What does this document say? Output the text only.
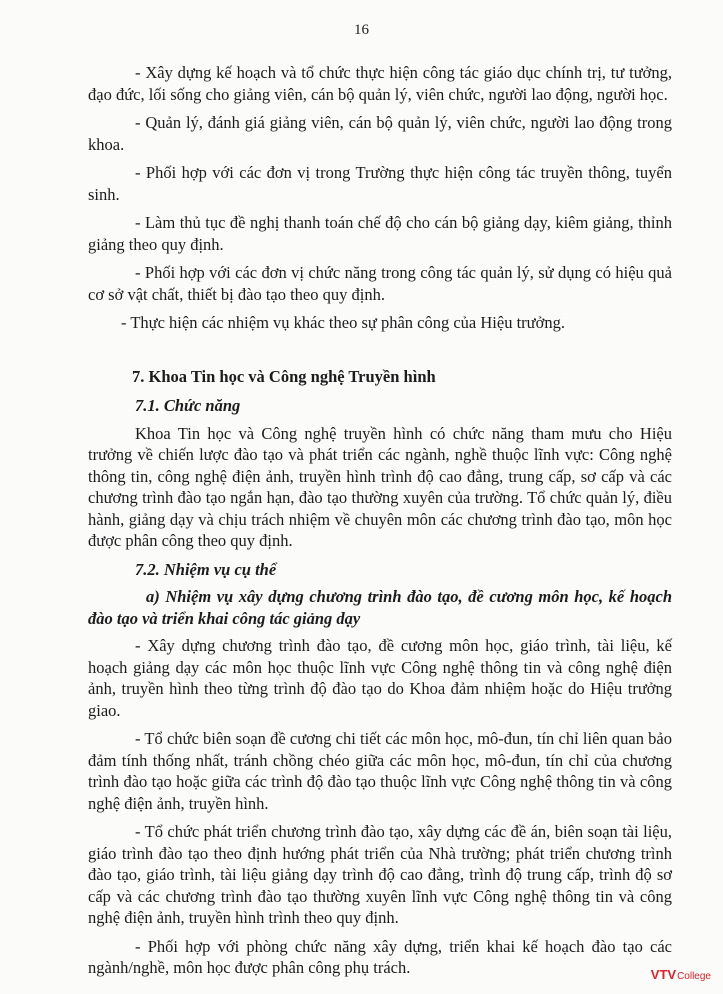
16

- Xây dựng kế hoạch và tổ chức thực hiện công tác giáo dục chính trị, tư tưởng, đạo đức, lối sống cho giảng viên, cán bộ quản lý, viên chức, người lao động, người học.

- Quản lý, đánh giá giảng viên, cán bộ quản lý, viên chức, người lao động trong khoa.

- Phối hợp với các đơn vị trong Trường thực hiện công tác truyền thông, tuyển sinh.

- Làm thủ tục đề nghị thanh toán chế độ cho cán bộ giảng dạy, kiêm giảng, thỉnh giảng theo quy định.

- Phối hợp với các đơn vị chức năng trong công tác quản lý, sử dụng có hiệu quả cơ sở vật chất, thiết bị đào tạo theo quy định.

- Thực hiện các nhiệm vụ khác theo sự phân công của Hiệu trưởng.

7. Khoa Tin học và Công nghệ Truyền hình

7.1. Chức năng

Khoa Tin học và Công nghệ truyền hình có chức năng tham mưu cho Hiệu trưởng về chiến lược đào tạo và phát triển các ngành, nghề thuộc lĩnh vực: Công nghệ thông tin, công nghệ điện ảnh, truyền hình trình độ cao đẳng, trung cấp, sơ cấp và các chương trình đào tạo ngắn hạn, đào tạo thường xuyên của trường. Tổ chức quản lý, điều hành, giảng dạy và chịu trách nhiệm về chuyên môn các chương trình đào tạo, môn học được phân công theo quy định.

7.2. Nhiệm vụ cụ thể

a) Nhiệm vụ xây dựng chương trình đào tạo, đề cương môn học, kế hoạch đào tạo và triển khai công tác giảng dạy

- Xây dựng chương trình đào tạo, đề cương môn học, giáo trình, tài liệu, kế hoạch giảng dạy các môn học thuộc lĩnh vực Công nghệ thông tin và công nghệ điện ảnh, truyền hình theo từng trình độ đào tạo do Khoa đảm nhiệm hoặc do Hiệu trưởng giao.

- Tổ chức biên soạn đề cương chi tiết các môn học, mô-đun, tín chỉ liên quan bảo đảm tính thống nhất, tránh chồng chéo giữa các môn học, mô-đun, tín chỉ của chương trình đào tạo hoặc giữa các trình độ đào tạo thuộc lĩnh vực Công nghệ thông tin và công nghệ điện ảnh, truyền hình.

- Tổ chức phát triển chương trình đào tạo, xây dựng các đề án, biên soạn tài liệu, giáo trình đào tạo theo định hướng phát triển của Nhà trường; phát triển chương trình đào tạo, giáo trình, tài liệu giảng dạy trình độ cao đẳng, trình độ trung cấp, trình độ sơ cấp và các chương trình đào tạo thường xuyên lĩnh vực Công nghệ thông tin và công nghệ điện ảnh, truyền hình trình theo quy định.

- Phối hợp với phòng chức năng xây dựng, triển khai kế hoạch đào tạo các ngành/nghề, môn học được phân công phụ trách.	VTV College
